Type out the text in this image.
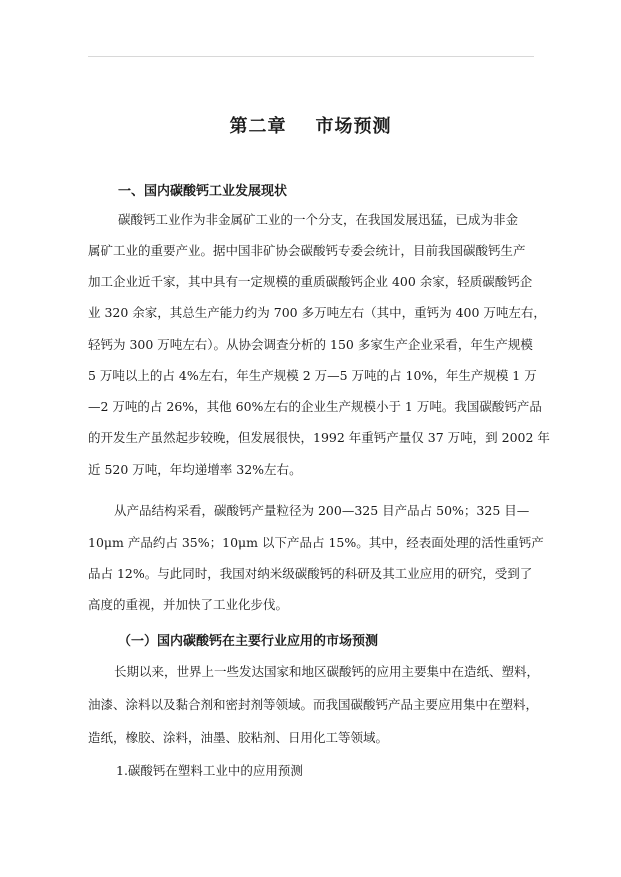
第二章    市场预测
一、国内碳酸钙工业发展现状
碳酸钙工业作为非金属矿工业的一个分支，在我国发展迅猛，已成为非金
属矿工业的重要产业。据中国非矿协会碳酸钙专委会统计，目前我国碳酸钙生产
加工企业近千家，其中具有一定规模的重质碳酸钙企业 400 余家，轻质碳酸钙企
业 320 余家，其总生产能力约为 700 多万吨左右（其中，重钙为 400 万吨左右，
轻钙为 300 万吨左右）。从协会调查分析的 150 多家生产企业采看，年生产规模
5 万吨以上的占 4%左右，年生产规模 2 万—5 万吨的占 10%，年生产规模 1 万
—2 万吨的占 26%，其他 60%左右的企业生产规模小于 1 万吨。我国碳酸钙产品
的开发生产虽然起步较晚，但发展很快，1992 年重钙产量仅 37 万吨，到 2002 年
近 520 万吨，年均递增率 32%左右。
从产品结构采看，碳酸钙产量粒径为 200—325 目产品占 50%；325 目—
10μm 产品约占 35%；10μm 以下产品占 15%。其中，经表面处理的活性重钙产
品占 12%。与此同时，我国对纳米级碳酸钙的科研及其工业应用的研究，受到了
高度的重视，并加快了工业化步伐。
（一）国内碳酸钙在主要行业应用的市场预测
长期以来，世界上一些发达国家和地区碳酸钙的应用主要集中在造纸、塑料，
油漆、涂料以及黏合剂和密封剂等领域。而我国碳酸钙产品主要应用集中在塑料，
造纸，橡胶、涂料，油墨、胶粘剂、日用化工等领域。
1.碳酸钙在塑料工业中的应用预测
